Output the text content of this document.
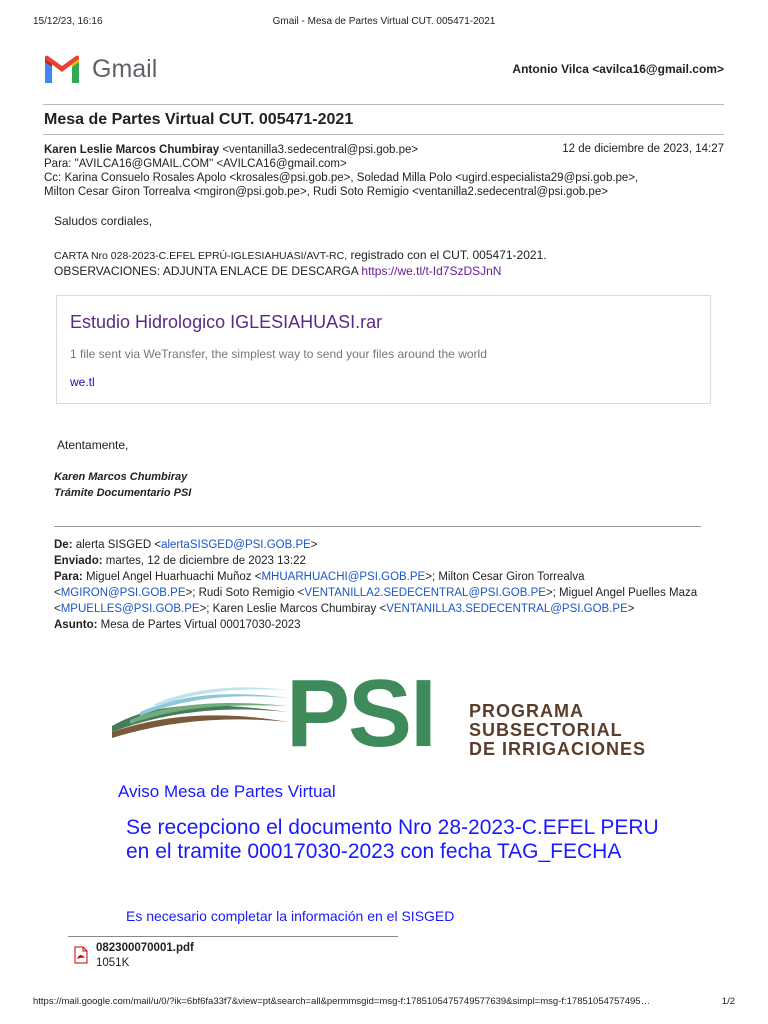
15/12/23, 16:16	Gmail - Mesa de Partes Virtual CUT. 005471-2021
Gmail	Antonio Vilca <avilca16@gmail.com>
Mesa de Partes Virtual CUT. 005471-2021
Karen Leslie Marcos Chumbiray <ventanilla3.sedecentral@psi.gob.pe>	12 de diciembre de 2023, 14:27
Para: "AVILCA16@GMAIL.COM" <AVILCA16@gmail.com>
Cc: Karina Consuelo Rosales Apolo <krosales@psi.gob.pe>, Soledad Milla Polo <ugird.especialista29@psi.gob.pe>,
Milton Cesar Giron Torrealva <mgiron@psi.gob.pe>, Rudi Soto Remigio <ventanilla2.sedecentral@psi.gob.pe>
Saludos cordiales,
CARTA Nro 028-2023-C.EFEL EPRÚ-IGLESIAHUASI/AVT-RC, registrado con el CUT. 005471-2021.
OBSERVACIONES: ADJUNTA ENLACE DE DESCARGA https://we.tl/t-Id7SzDSJnN
Estudio Hidrologico IGLESIAHUASI.rar
1 file sent via WeTransfer, the simplest way to send your files around the world
we.tl
Atentamente,
Karen Marcos Chumbiray
Trámite Documentario PSI
De: alerta SISGED <alertaSISGED@PSI.GOB.PE>
Enviado: martes, 12 de diciembre de 2023 13:22
Para: Miguel Angel Huarhuachi Muñoz <MHUARHUACHI@PSI.GOB.PE>; Milton Cesar Giron Torrealva <MGIRON@PSI.GOB.PE>; Rudi Soto Remigio <VENTANILLA2.SEDECENTRAL@PSI.GOB.PE>; Miguel Angel Puelles Maza <MPUELLES@PSI.GOB.PE>; Karen Leslie Marcos Chumbiray <VENTANILLA3.SEDECENTRAL@PSI.GOB.PE>
Asunto: Mesa de Partes Virtual 00017030-2023
PSI PROGRAMA
SUBSECTORIAL
DE IRRIGACIONES
Aviso Mesa de Partes Virtual
Se recepciono el documento Nro 28-2023-C.EFEL PERU en el tramite 00017030-2023 con fecha TAG_FECHA
Es necesario completar la información en el SISGED
082300070001.pdf
1051K
https://mail.google.com/mail/u/0/?ik=6bf6fa33f7&view=pt&search=all&permmsgid=msg-f:1785105475749577639&simpl=msg-f:17851054757495…	1/2
